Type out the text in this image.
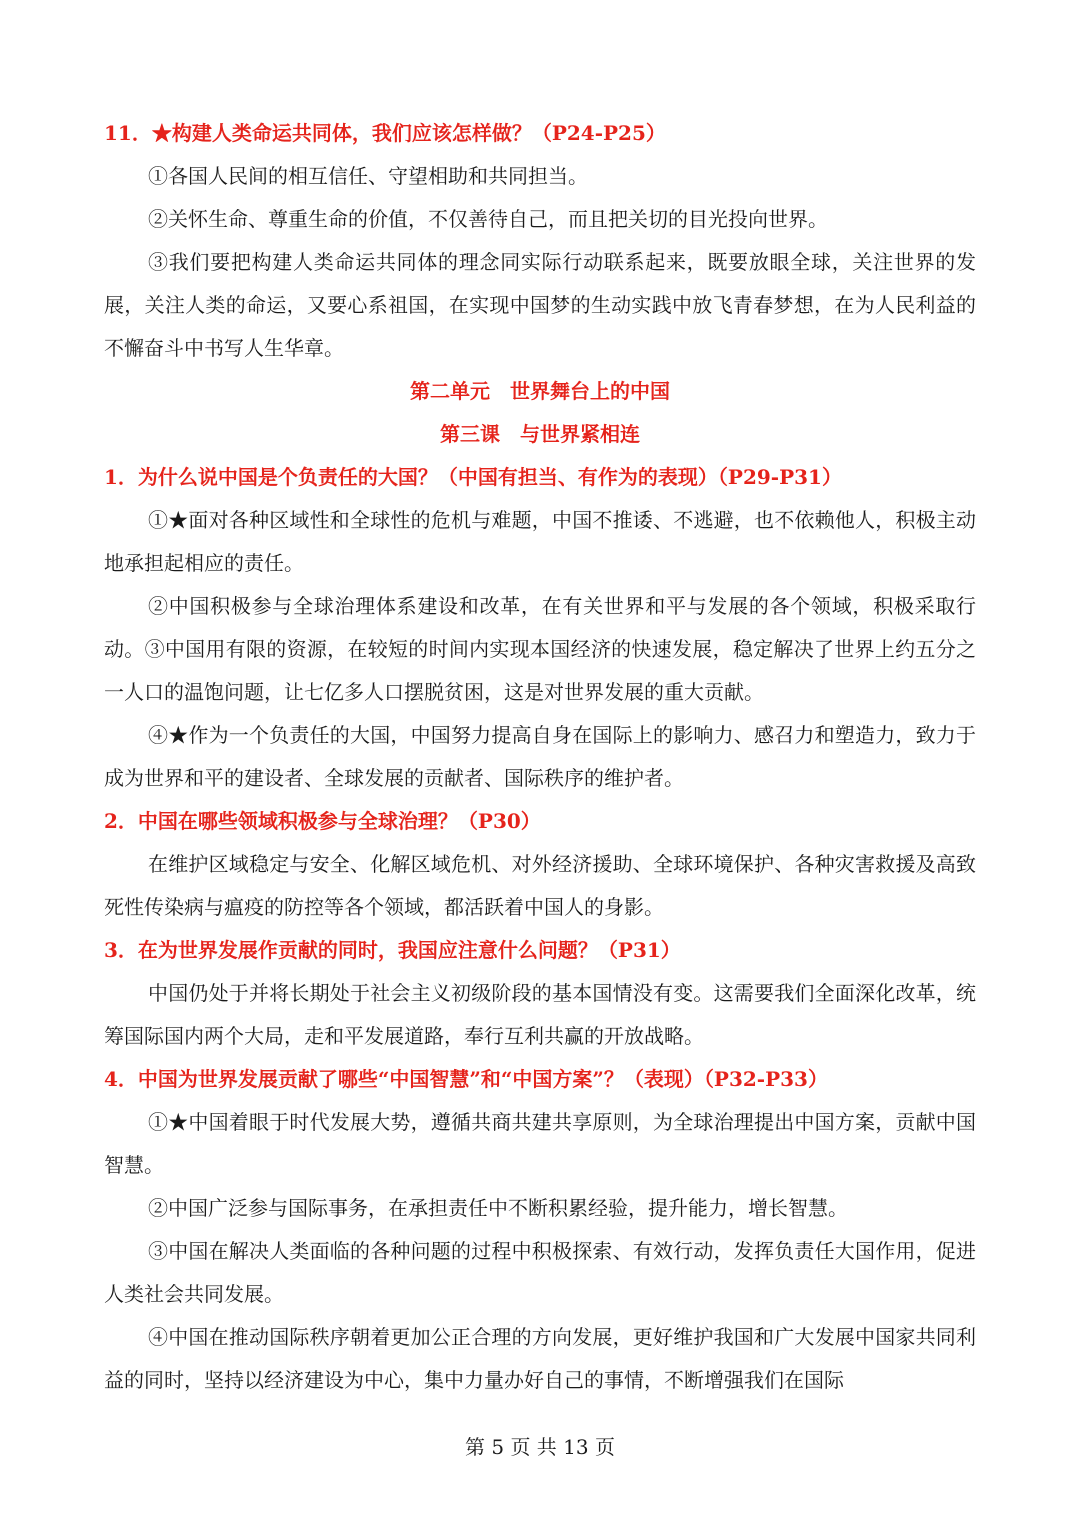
11．★构建人类命运共同体，我们应该怎样做？（P24-P25）

①各国人民间的相互信任、守望相助和共同担当。

②关怀生命、尊重生命的价值，不仅善待自己，而且把关切的目光投向世界。

③我们要把构建人类命运共同体的理念同实际行动联系起来，既要放眼全球，关注世界的发展，关注人类的命运，又要心系祖国，在实现中国梦的生动实践中放飞青春梦想，在为人民利益的不懈奋斗中书写人生华章。

第二单元　世界舞台上的中国

第三课　与世界紧相连

1．为什么说中国是个负责任的大国？（中国有担当、有作为的表现）（P29-P31）

①★面对各种区域性和全球性的危机与难题，中国不推诿、不逃避，也不依赖他人，积极主动地承担起相应的责任。

②中国积极参与全球治理体系建设和改革，在有关世界和平与发展的各个领域，积极采取行动。③中国用有限的资源，在较短的时间内实现本国经济的快速发展，稳定解决了世界上约五分之一人口的温饱问题，让七亿多人口摆脱贫困，这是对世界发展的重大贡献。

④★作为一个负责任的大国，中国努力提高自身在国际上的影响力、感召力和塑造力，致力于成为世界和平的建设者、全球发展的贡献者、国际秩序的维护者。

2．中国在哪些领域积极参与全球治理？（P30）

在维护区域稳定与安全、化解区域危机、对外经济援助、全球环境保护、各种灾害救援及高致死性传染病与瘟疫的防控等各个领域，都活跃着中国人的身影。

3．在为世界发展作贡献的同时，我国应注意什么问题？（P31）

中国仍处于并将长期处于社会主义初级阶段的基本国情没有变。这需要我们全面深化改革，统筹国际国内两个大局，走和平发展道路，奉行互利共赢的开放战略。

4．中国为世界发展贡献了哪些“中国智慧”和“中国方案”？（表现）（P32-P33）

①★中国着眼于时代发展大势，遵循共商共建共享原则，为全球治理提出中国方案，贡献中国智慧。

②中国广泛参与国际事务，在承担责任中不断积累经验，提升能力，增长智慧。

③中国在解决人类面临的各种问题的过程中积极探索、有效行动，发挥负责任大国作用，促进人类社会共同发展。

④中国在推动国际秩序朝着更加公正合理的方向发展，更好维护我国和广大发展中国家共同利益的同时，坚持以经济建设为中心，集中力量办好自己的事情，不断增强我们在国际

第 5 页 共 13 页
